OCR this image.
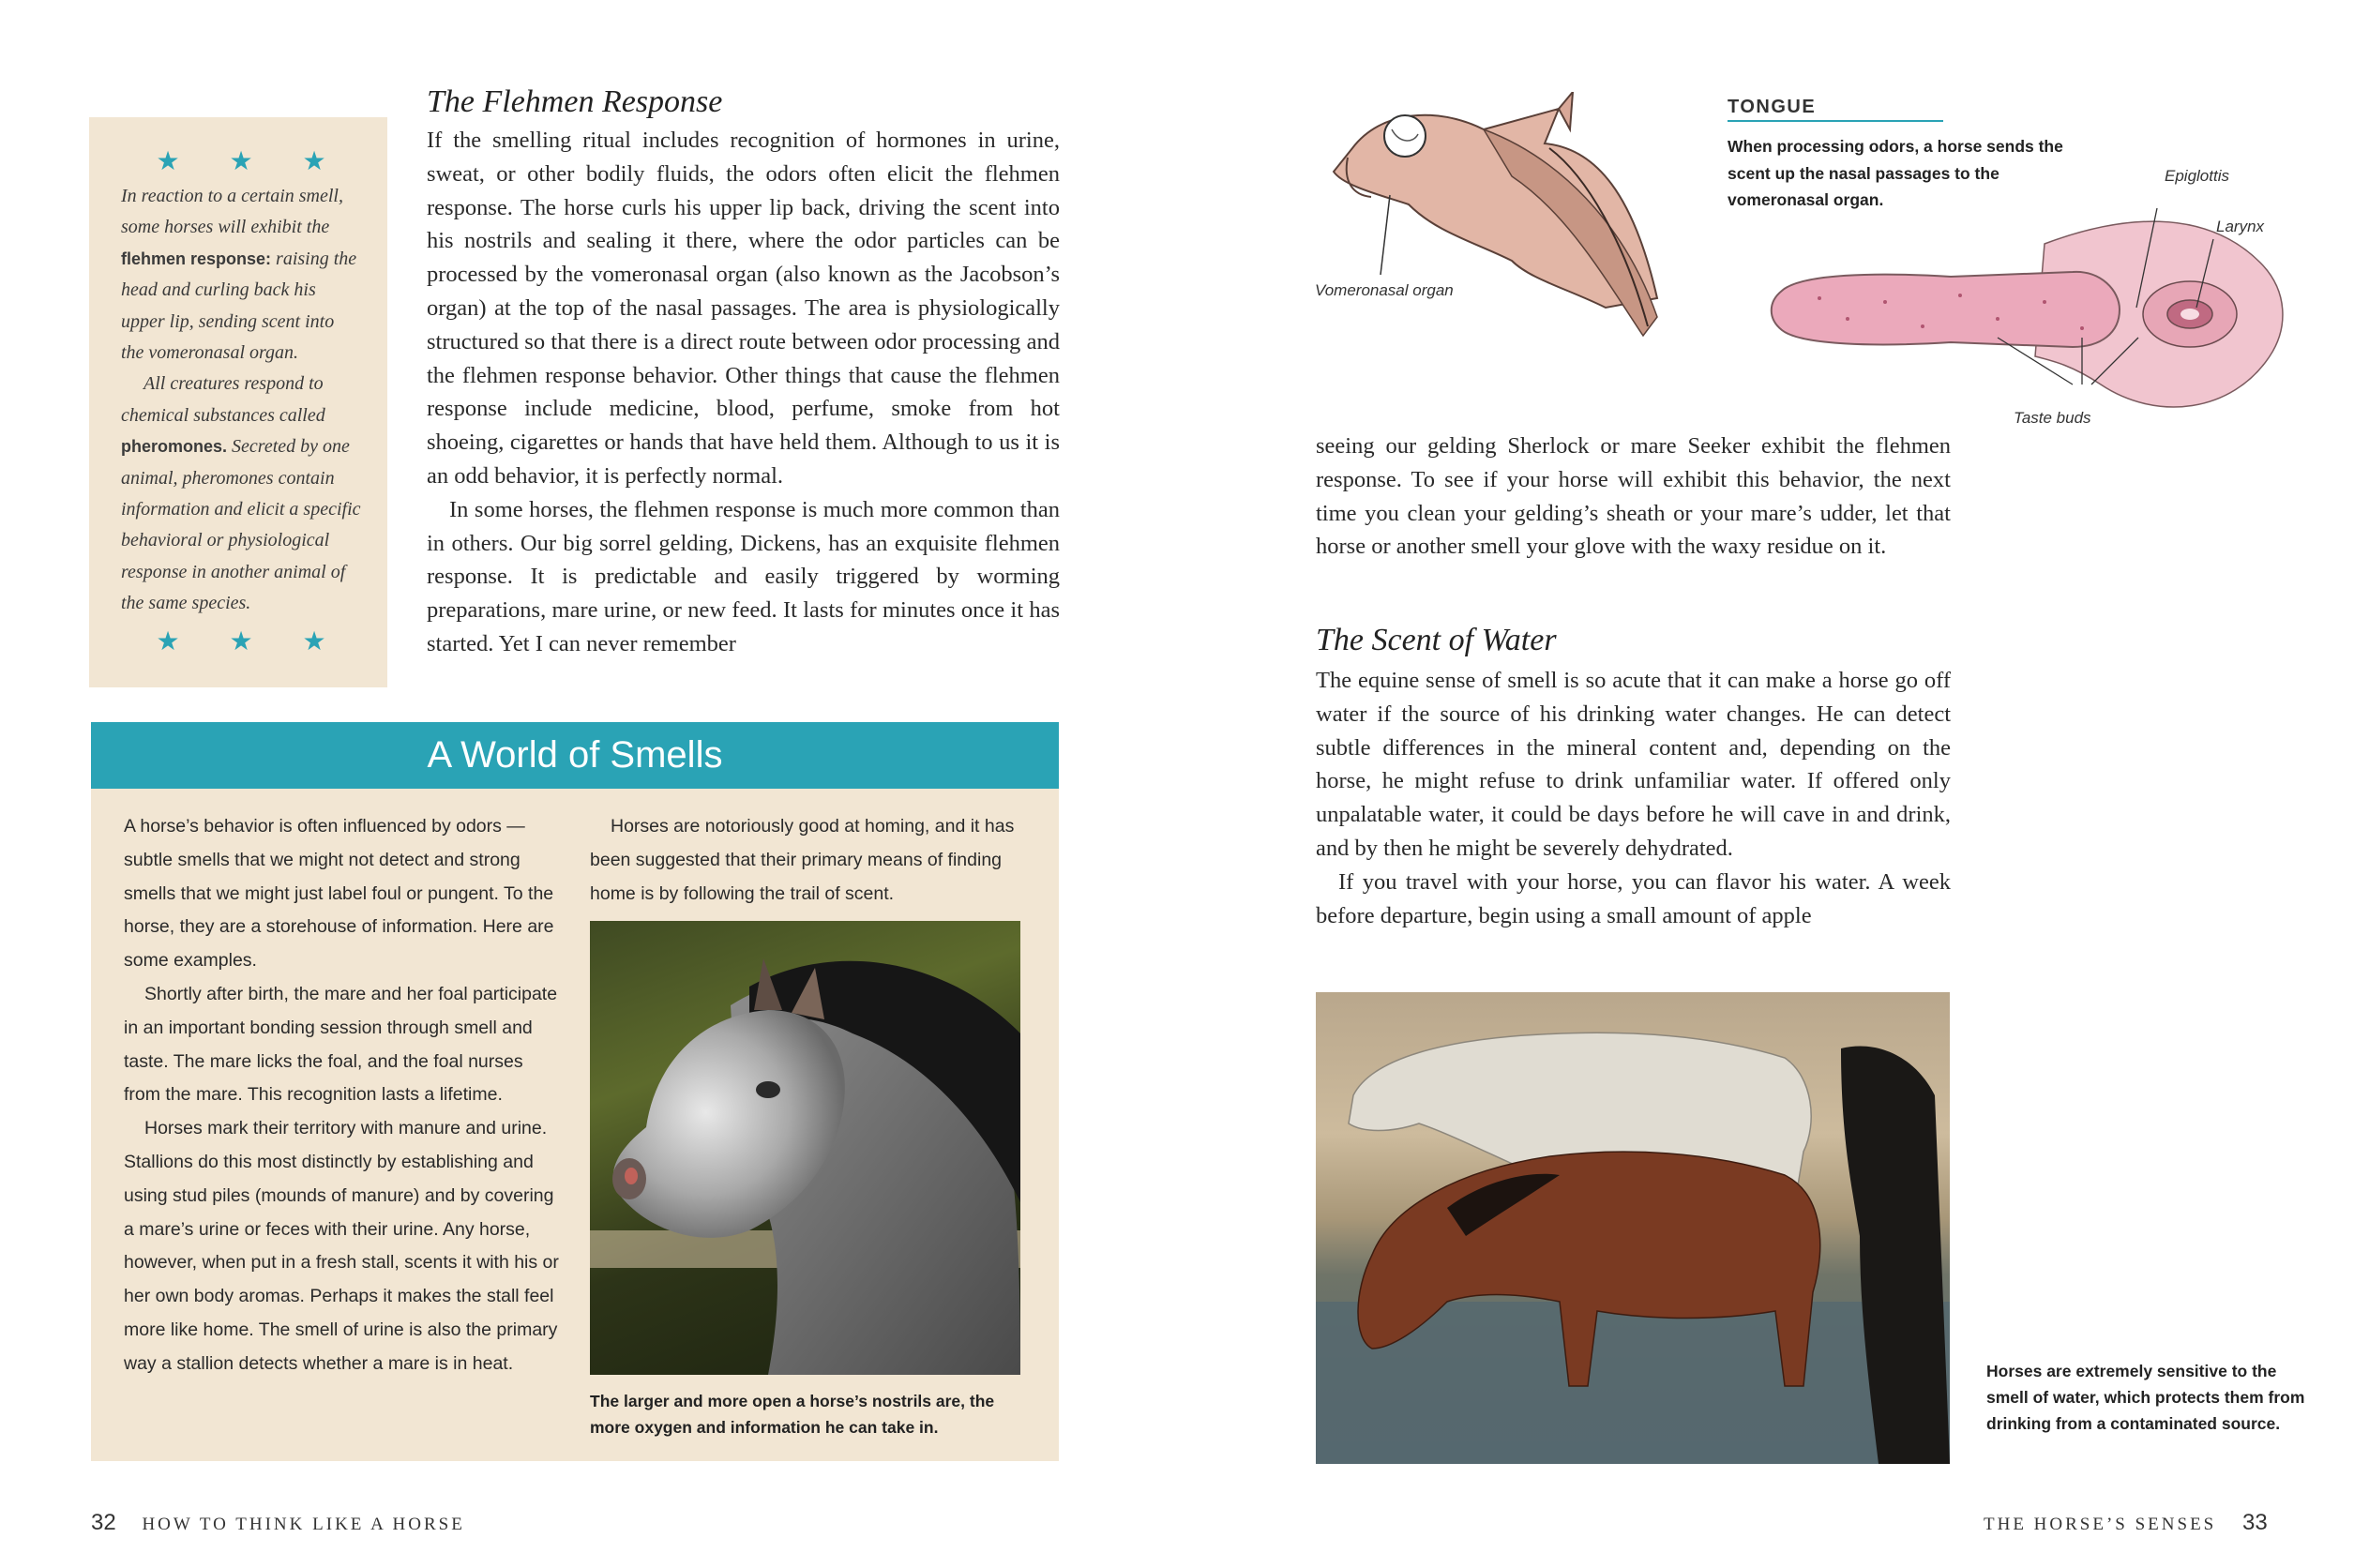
★ ★ ★

In reaction to a certain smell, some horses will exhibit the flehmen response: raising the head and curling back his upper lip, sending scent into the vomeronasal organ.

All creatures respond to chemical substances called pheromones. Secreted by one animal, pheromones contain information and elicit a specific behavioral or physiological response in another animal of the same species.

★ ★ ★
The Flehmen Response

If the smelling ritual includes recognition of hormones in urine, sweat, or other bodily fluids, the odors often elicit the flehmen response. The horse curls his upper lip back, driving the scent into his nostrils and sealing it there, where the odor particles can be processed by the vomeronasal organ (also known as the Jacobson’s organ) at the top of the nasal passages. The area is physiologically structured so that there is a direct route between odor processing and the flehmen response behavior. Other things that cause the flehmen response include medicine, blood, perfume, smoke from hot shoeing, cigarettes or hands that have held them. Although to us it is an odd behavior, it is perfectly normal.

In some horses, the flehmen response is much more common than in others. Our big sorrel gelding, Dickens, has an exquisite flehmen response. It is predictable and easily triggered by worming preparations, mare urine, or new feed. It lasts for minutes once it has started. Yet I can never remember

A World of Smells

A horse’s behavior is often influenced by odors — subtle smells that we might not detect and strong smells that we might just label foul or pungent. To the horse, they are a storehouse of information. Here are some examples.

Shortly after birth, the mare and her foal participate in an important bonding session through smell and taste. The mare licks the foal, and the foal nurses from the mare. This recognition lasts a lifetime.

Horses mark their territory with manure and urine. Stallions do this most distinctly by establishing and using stud piles (mounds of manure) and by covering a mare’s urine or feces with their urine. Any horse, however, when put in a fresh stall, scents it with his or her own body aromas. Perhaps it makes the stall feel more like home. The smell of urine is also the primary way a stallion detects whether a mare is in heat.

Horses are notoriously good at homing, and it has been suggested that their primary means of finding home is by following the trail of scent.

The larger and more open a horse’s nostrils are, the more oxygen and information he can take in.
32 HOW TO THINK LIKE A HORSE
Vomeronasal organ
TONGUE
When processing odors, a horse sends the scent up the nasal passages to the vomeronasal organ.
Epiglottis
Larynx
Taste buds

seeing our gelding Sherlock or mare Seeker exhibit the flehmen response. To see if your horse will exhibit this behavior, the next time you clean your gelding’s sheath or your mare’s udder, let that horse or another smell your glove with the waxy residue on it.

The Scent of Water

The equine sense of smell is so acute that it can make a horse go off water if the source of his drinking water changes. He can detect subtle differences in the mineral content and, depending on the horse, he might refuse to drink unfamiliar water. If offered only unpalatable water, it could be days before he will cave in and drink, and by then he might be severely dehydrated.

If you travel with your horse, you can flavor his water. A week before departure, begin using a small amount of apple

Horses are extremely sensitive to the smell of water, which protects them from drinking from a contaminated source.
THE HORSE’S SENSES 33
